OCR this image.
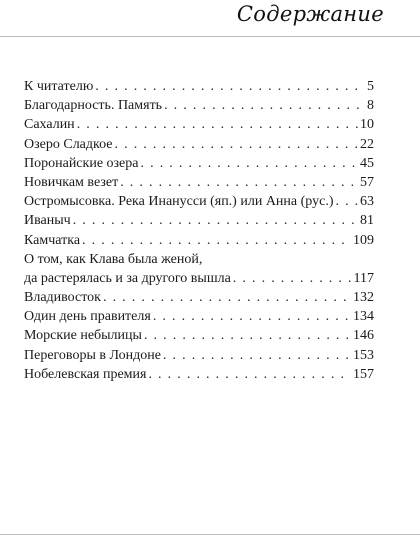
Содержание
К читателю . . .	5
Благодарность. Память . . .	8
Сахалин . . .	10
Озеро Сладкое . . .	22
Поронайские озера . . .	45
Новичкам везет . . .	57
Остромысовка. Река Инанусси (яп.) или Анна (рус.) . . . 63
Иваныч . . .	81
Камчатка . . .	109
О том, как Клава была женой,
да растерялась и за другого вышла . . .	117
Владивосток . . .	132
Один день правителя . . .	134
Морские небылицы . . .	146
Переговоры в Лондоне . . .	153
Нобелевская премия . . .	157
